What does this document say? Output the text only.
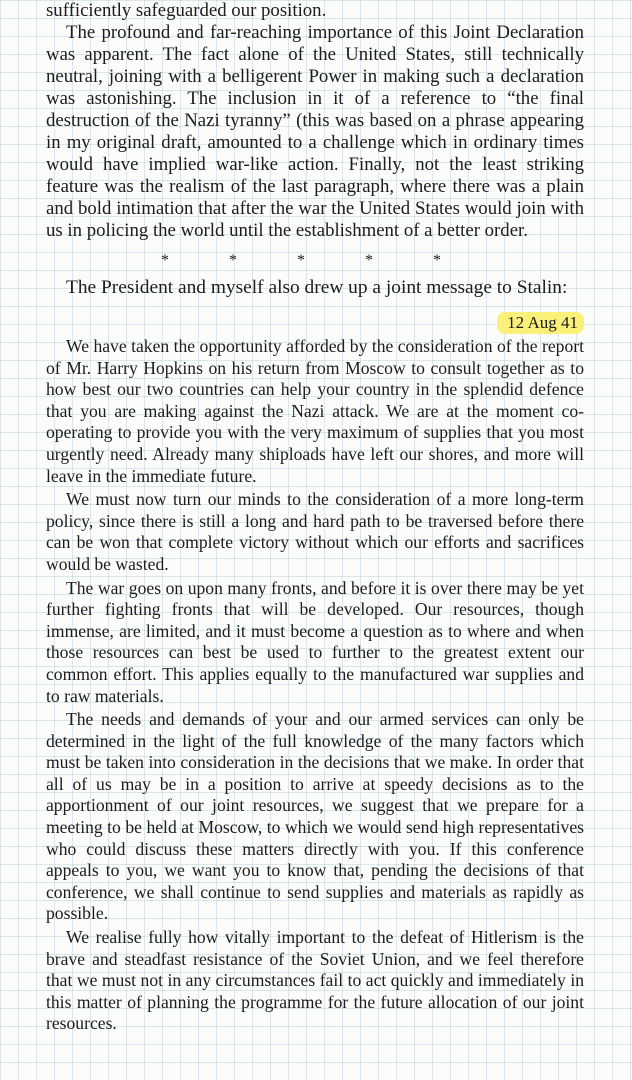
sufficiently safeguarded our position.

The profound and far-reaching importance of this Joint Declaration was apparent. The fact alone of the United States, still technically neutral, joining with a belligerent Power in making such a declaration was astonishing. The inclusion in it of a reference to “the final destruction of the Nazi tyranny” (this was based on a phrase appearing in my original draft, amounted to a challenge which in ordinary times would have implied war-like action. Finally, not the least striking feature was the realism of the last paragraph, where there was a plain and bold intimation that after the war the United States would join with us in policing the world until the establishment of a better order.

* * * * *

The President and myself also drew up a joint message to Stalin:

12 Aug 41

We have taken the opportunity afforded by the consideration of the report of Mr. Harry Hopkins on his return from Moscow to consult together as to how best our two countries can help your country in the splendid defence that you are making against the Nazi attack. We are at the moment co-operating to provide you with the very maximum of supplies that you most urgently need. Already many shiploads have left our shores, and more will leave in the immediate future.

We must now turn our minds to the consideration of a more long-term policy, since there is still a long and hard path to be traversed before there can be won that complete victory without which our efforts and sacrifices would be wasted.

The war goes on upon many fronts, and before it is over there may be yet further fighting fronts that will be developed. Our resources, though immense, are limited, and it must become a question as to where and when those resources can best be used to further to the greatest extent our common effort. This applies equally to the manufactured war supplies and to raw materials.

The needs and demands of your and our armed services can only be determined in the light of the full knowledge of the many factors which must be taken into consideration in the decisions that we make. In order that all of us may be in a position to arrive at speedy decisions as to the apportionment of our joint resources, we suggest that we prepare for a meeting to be held at Moscow, to which we would send high representatives who could discuss these matters directly with you. If this conference appeals to you, we want you to know that, pending the decisions of that conference, we shall continue to send supplies and materials as rapidly as possible.

We realise fully how vitally important to the defeat of Hitlerism is the brave and steadfast resistance of the Soviet Union, and we feel therefore that we must not in any circumstances fail to act quickly and immediately in this matter of planning the programme for the future allocation of our joint resources.
